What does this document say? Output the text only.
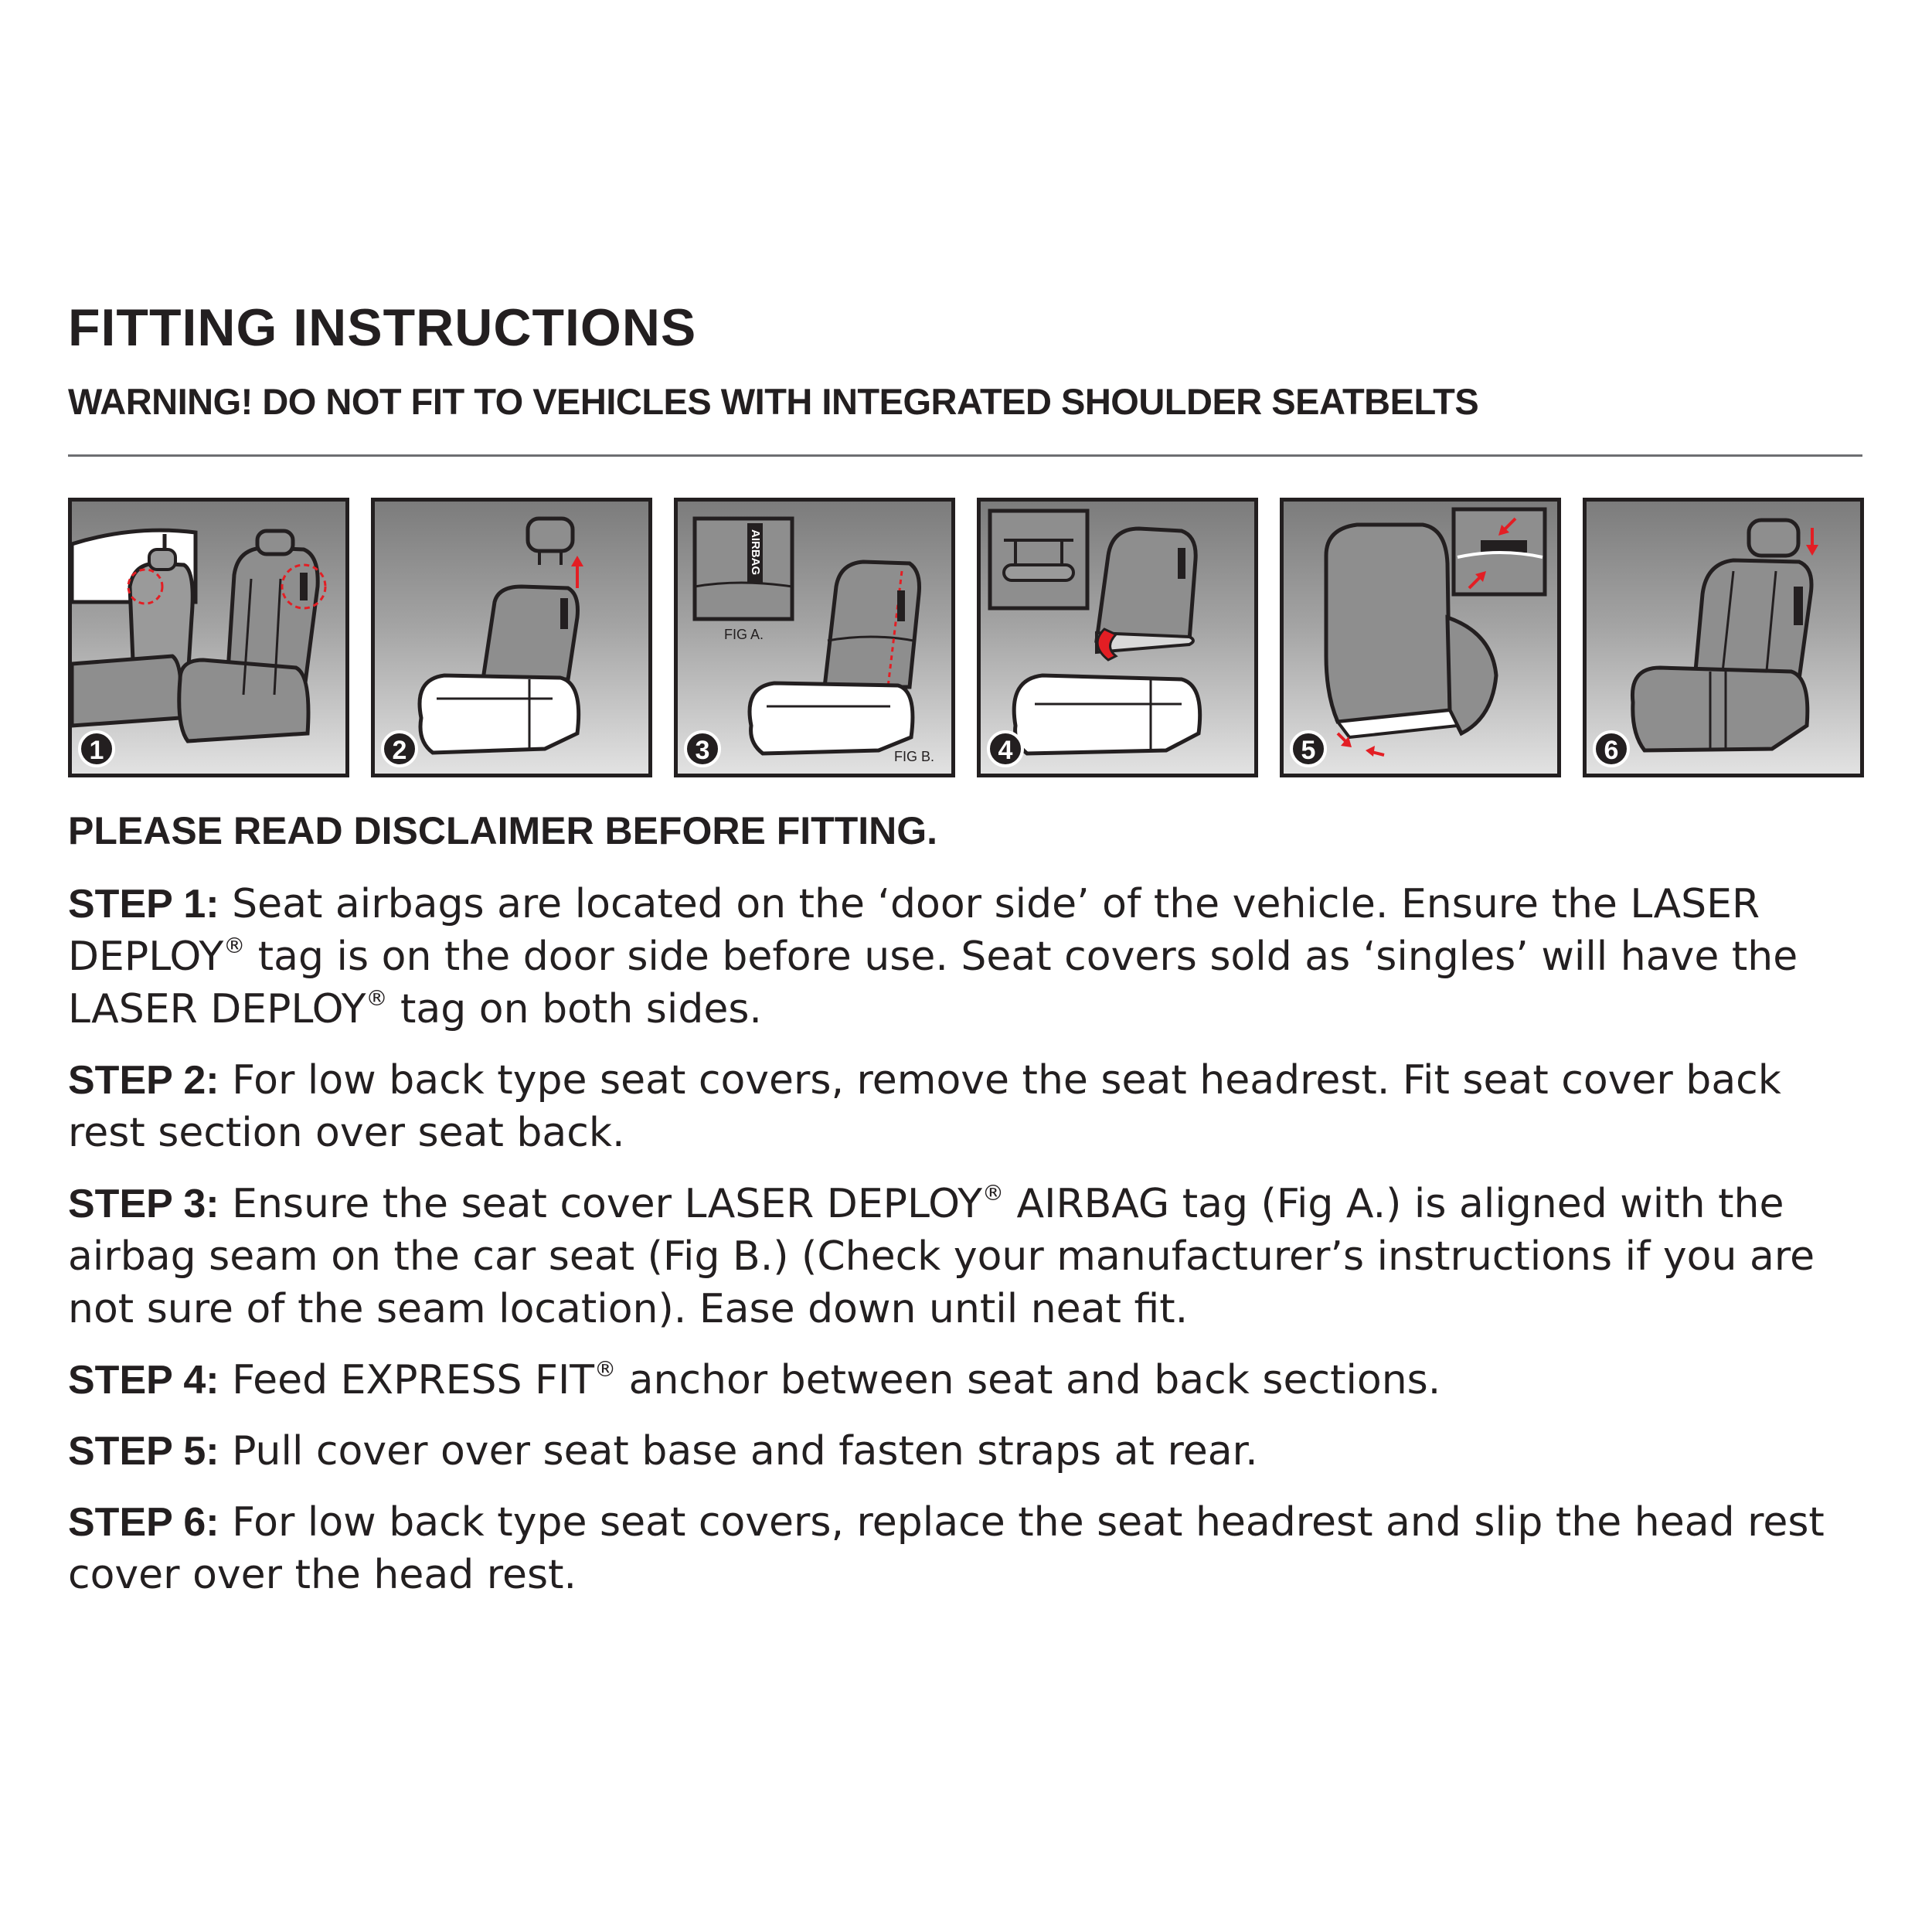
FITTING INSTRUCTIONS
WARNING! DO NOT FIT TO VEHICLES WITH INTEGRATED SHOULDER SEATBELTS
1	2
AIRBAG
FIG A.
FIG B.
3	4	5	6

PLEASE READ DISCLAIMER BEFORE FITTING.

STEP 1: Seat airbags are located on the ‘door side’ of the vehicle. Ensure the LASER DEPLOY® tag is on the door side before use. Seat covers sold as ‘singles’ will have the LASER DEPLOY® tag on both sides.

STEP 2: For low back type seat covers, remove the seat headrest. Fit seat cover back rest section over seat back.

STEP 3: Ensure the seat cover LASER DEPLOY® AIRBAG tag (Fig A.) is aligned with the airbag seam on the car seat (Fig B.) (Check your manufacturer’s instructions if you are not sure of the seam location). Ease down until neat fit.

STEP 4: Feed EXPRESS FIT® anchor between seat and back sections.

STEP 5: Pull cover over seat base and fasten straps at rear.

STEP 6: For low back type seat covers, replace the seat headrest and slip the head rest cover over the head rest.
